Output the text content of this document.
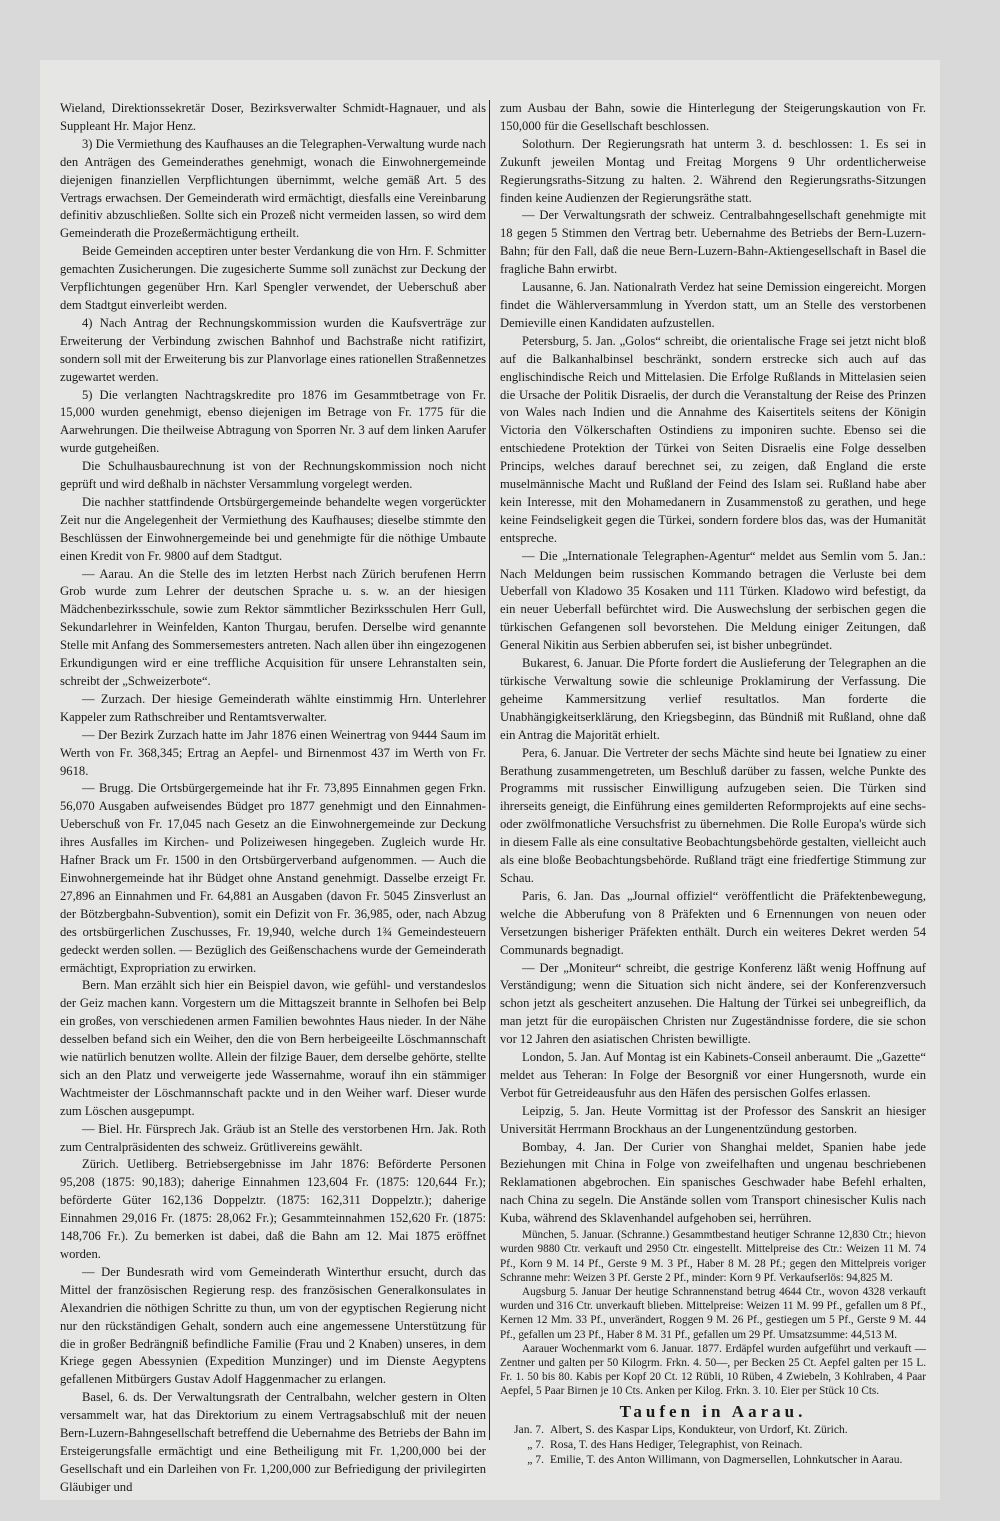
Wieland, Direktionssekretär Doser, Bezirksverwalter Schmidt-Hagnauer, und als Suppleant Hr. Major Henz.

3) Die Vermiethung des Kaufhauses an die Telegraphen-Verwaltung wurde nach den Anträgen des Gemeinderathes genehmigt, wonach die Einwohnergemeinde diejenigen finanziellen Verpflichtungen übernimmt, welche gemäß Art. 5 des Vertrags erwachsen. Der Gemeinderath wird ermächtigt, diesfalls eine Vereinbarung definitiv abzuschließen. Sollte sich ein Prozeß nicht vermeiden lassen, so wird dem Gemeinderath die Prozeßermächtigung ertheilt.

Beide Gemeinden acceptiren unter bester Verdankung die von Hrn. F. Schmitter gemachten Zusicherungen. Die zugesicherte Summe soll zunächst zur Deckung der Verpflichtungen gegenüber Hrn. Karl Spengler verwendet, der Ueberschuß aber dem Stadtgut einverleibt werden.

4) Nach Antrag der Rechnungskommission wurden die Kaufsverträge zur Erweiterung der Verbindung zwischen Bahnhof und Bachstraße nicht ratifizirt, sondern soll mit der Erweiterung bis zur Planvorlage eines rationellen Straßennetzes zugewartet werden.

5) Die verlangten Nachtragskredite pro 1876 im Gesammtbetrage von Fr. 15,000 wurden genehmigt, ebenso diejenigen im Betrage von Fr. 1775 für die Aarwehrungen. Die theilweise Abtragung von Sporren Nr. 3 auf dem linken Aarufer wurde gutgeheißen.

Die Schulhausbaurechnung ist von der Rechnungskommission noch nicht geprüft und wird deßhalb in nächster Versammlung vorgelegt werden.

Die nachher stattfindende Ortsbürgergemeinde behandelte wegen vorgerückter Zeit nur die Angelegenheit der Vermiethung des Kaufhauses; dieselbe stimmte den Beschlüssen der Einwohnergemeinde bei und genehmigte für die nöthige Umbaute einen Kredit von Fr. 9800 auf dem Stadtgut.

— Aarau. An die Stelle des im letzten Herbst nach Zürich berufenen Herrn Grob wurde zum Lehrer der deutschen Sprache u. s. w. an der hiesigen Mädchenbezirksschule, sowie zum Rektor sämmtlicher Bezirksschulen Herr Gull, Sekundarlehrer in Weinfelden, Kanton Thurgau, berufen. Derselbe wird genannte Stelle mit Anfang des Sommersemesters antreten. Nach allen über ihn eingezogenen Erkundigungen wird er eine treffliche Acquisition für unsere Lehranstalten sein, schreibt der „Schweizerbote“.

— Zurzach. Der hiesige Gemeinderath wählte einstimmig Hrn. Unterlehrer Kappeler zum Rathschreiber und Rentamtsverwalter.

— Der Bezirk Zurzach hatte im Jahr 1876 einen Weinertrag von 9444 Saum im Werth von Fr. 368,345; Ertrag an Aepfel- und Birnenmost 437 im Werth von Fr. 9618.

— Brugg. Die Ortsbürgergemeinde hat ihr Fr. 73,895 Einnahmen gegen Frkn. 56,070 Ausgaben aufweisendes Büdget pro 1877 genehmigt und den Einnahmen-Ueberschuß von Fr. 17,045 nach Gesetz an die Einwohnergemeinde zur Deckung ihres Ausfalles im Kirchen- und Polizeiwesen hingegeben. Zugleich wurde Hr. Hafner Brack um Fr. 1500 in den Ortsbürgerverband aufgenommen. — Auch die Einwohnergemeinde hat ihr Büdget ohne Anstand genehmigt. Dasselbe erzeigt Fr. 27,896 an Einnahmen und Fr. 64,881 an Ausgaben (davon Fr. 5045 Zinsverlust an der Bötzbergbahn-Subvention), somit ein Defizit von Fr. 36,985, oder, nach Abzug des ortsbürgerlichen Zuschusses, Fr. 19,940, welche durch 1¾ Gemeindesteuern gedeckt werden sollen. — Bezüglich des Geißenschachens wurde der Gemeinderath ermächtigt, Expropriation zu erwirken.

Bern. Man erzählt sich hier ein Beispiel davon, wie gefühl- und verstandeslos der Geiz machen kann. Vorgestern um die Mittagszeit brannte in Selhofen bei Belp ein großes, von verschiedenen armen Familien bewohntes Haus nieder. In der Nähe desselben befand sich ein Weiher, den die von Bern herbeigeeilte Löschmannschaft wie natürlich benutzen wollte. Allein der filzige Bauer, dem derselbe gehörte, stellte sich an den Platz und verweigerte jede Wassernahme, worauf ihn ein stämmiger Wachtmeister der Löschmannschaft packte und in den Weiher warf. Dieser wurde zum Löschen ausgepumpt.

— Biel. Hr. Fürsprech Jak. Gräub ist an Stelle des verstorbenen Hrn. Jak. Roth zum Centralpräsidenten des schweiz. Grütlivereins gewählt.

Zürich. Uetliberg. Betriebsergebnisse im Jahr 1876: Beförderte Personen 95,208 (1875: 90,183); daherige Einnahmen 123,604 Fr. (1875: 120,644 Fr.); beförderte Güter 162,136 Doppelztr. (1875: 162,311 Doppelztr.); daherige Einnahmen 29,016 Fr. (1875: 28,062 Fr.); Gesammteinnahmen 152,620 Fr. (1875: 148,706 Fr.). Zu bemerken ist dabei, daß die Bahn am 12. Mai 1875 eröffnet worden.

— Der Bundesrath wird vom Gemeinderath Winterthur ersucht, durch das Mittel der französischen Regierung resp. des französischen Generalkonsulates in Alexandrien die nöthigen Schritte zu thun, um von der egyptischen Regierung nicht nur den rückständigen Gehalt, sondern auch eine angemessene Unterstützung für die in großer Bedrängniß befindliche Familie (Frau und 2 Knaben) unseres, in dem Kriege gegen Abessynien (Expedition Munzinger) und im Dienste Aegyptens gefallenen Mitbürgers Gustav Adolf Haggenmacher zu erlangen.

Basel, 6. ds. Der Verwaltungsrath der Centralbahn, welcher gestern in Olten versammelt war, hat das Direktorium zu einem Vertragsabschluß mit der neuen Bern-Luzern-Bahngesellschaft betreffend die Uebernahme des Betriebs der Bahn im Ersteigerungsfalle ermächtigt und eine Betheiligung mit Fr. 1,200,000 bei der Gesellschaft und ein Darleihen von Fr. 1,200,000 zur Befriedigung der privilegirten Gläubiger und

zum Ausbau der Bahn, sowie die Hinterlegung der Steigerungskaution von Fr. 150,000 für die Gesellschaft beschlossen.

Solothurn. Der Regierungsrath hat unterm 3. d. beschlossen: 1. Es sei in Zukunft jeweilen Montag und Freitag Morgens 9 Uhr ordentlicherweise Regierungsraths-Sitzung zu halten. 2. Während den Regierungsraths-Sitzungen finden keine Audienzen der Regierungsräthe statt.

— Der Verwaltungsrath der schweiz. Centralbahngesellschaft genehmigte mit 18 gegen 5 Stimmen den Vertrag betr. Uebernahme des Betriebs der Bern-Luzern-Bahn; für den Fall, daß die neue Bern-Luzern-Bahn-Aktiengesellschaft in Basel die fragliche Bahn erwirbt.

Lausanne, 6. Jan. Nationalrath Verdez hat seine Demission eingereicht. Morgen findet die Wählerversammlung in Yverdon statt, um an Stelle des verstorbenen Demieville einen Kandidaten aufzustellen.

Petersburg, 5. Jan. „Golos“ schreibt, die orientalische Frage sei jetzt nicht bloß auf die Balkanhalbinsel beschränkt, sondern erstrecke sich auch auf das englischindische Reich und Mittelasien. Die Erfolge Rußlands in Mittelasien seien die Ursache der Politik Disraelis, der durch die Veranstaltung der Reise des Prinzen von Wales nach Indien und die Annahme des Kaisertitels seitens der Königin Victoria den Völkerschaften Ostindiens zu imponiren suchte. Ebenso sei die entschiedene Protektion der Türkei von Seiten Disraelis eine Folge desselben Princips, welches darauf berechnet sei, zu zeigen, daß England die erste muselmännische Macht und Rußland der Feind des Islam sei. Rußland habe aber kein Interesse, mit den Mohamedanern in Zusammenstoß zu gerathen, und hege keine Feindseligkeit gegen die Türkei, sondern fordere blos das, was der Humanität entspreche.

— Die „Internationale Telegraphen-Agentur“ meldet aus Semlin vom 5. Jan.: Nach Meldungen beim russischen Kommando betragen die Verluste bei dem Ueberfall von Kladowo 35 Kosaken und 111 Türken. Kladowo wird befestigt, da ein neuer Ueberfall befürchtet wird. Die Auswechslung der serbischen gegen die türkischen Gefangenen soll bevorstehen. Die Meldung einiger Zeitungen, daß General Nikitin aus Serbien abberufen sei, ist bisher unbegründet.

Bukarest, 6. Januar. Die Pforte fordert die Auslieferung der Telegraphen an die türkische Verwaltung sowie die schleunige Proklamirung der Verfassung. Die geheime Kammersitzung verlief resultatlos. Man forderte die Unabhängigkeitserklärung, den Kriegsbeginn, das Bündniß mit Rußland, ohne daß ein Antrag die Majorität erhielt.

Pera, 6. Januar. Die Vertreter der sechs Mächte sind heute bei Ignatiew zu einer Berathung zusammengetreten, um Beschluß darüber zu fassen, welche Punkte des Programms mit russischer Einwilligung aufzugeben seien. Die Türken sind ihrerseits geneigt, die Einführung eines gemilderten Reformprojekts auf eine sechs- oder zwölfmonatliche Versuchsfrist zu übernehmen. Die Rolle Europa's würde sich in diesem Falle als eine consultative Beobachtungsbehörde gestalten, vielleicht auch als eine bloße Beobachtungsbehörde. Rußland trägt eine friedfertige Stimmung zur Schau.

Paris, 6. Jan. Das „Journal offiziel“ veröffentlicht die Präfektenbewegung, welche die Abberufung von 8 Präfekten und 6 Ernennungen von neuen oder Versetzungen bisheriger Präfekten enthält. Durch ein weiteres Dekret werden 54 Communards begnadigt.

— Der „Moniteur“ schreibt, die gestrige Konferenz läßt wenig Hoffnung auf Verständigung; wenn die Situation sich nicht ändere, sei der Konferenzversuch schon jetzt als gescheitert anzusehen. Die Haltung der Türkei sei unbegreiflich, da man jetzt für die europäischen Christen nur Zugeständnisse fordere, die sie schon vor 12 Jahren den asiatischen Christen bewilligte.

London, 5. Jan. Auf Montag ist ein Kabinets-Conseil anberaumt. Die „Gazette“ meldet aus Teheran: In Folge der Besorgniß vor einer Hungersnoth, wurde ein Verbot für Getreideausfuhr aus den Häfen des persischen Golfes erlassen.

Leipzig, 5. Jan. Heute Vormittag ist der Professor des Sanskrit an hiesiger Universität Herrmann Brockhaus an der Lungenentzündung gestorben.

Bombay, 4. Jan. Der Curier von Shanghai meldet, Spanien habe jede Beziehungen mit China in Folge von zweifelhaften und ungenau beschriebenen Reklamationen abgebrochen. Ein spanisches Geschwader habe Befehl erhalten, nach China zu segeln. Die Anstände sollen vom Transport chinesischer Kulis nach Kuba, während des Sklavenhandel aufgehoben sei, herrühren.

München, 5. Januar. (Schranne.) Gesammtbestand heutiger Schranne 12,830 Ctr.; hievon wurden 9880 Ctr. verkauft und 2950 Ctr. eingestellt. Mittelpreise des Ctr.: Weizen 11 M. 74 Pf., Korn 9 M. 14 Pf., Gerste 9 M. 3 Pf., Haber 8 M. 28 Pf.; gegen den Mittelpreis voriger Schranne mehr: Weizen 3 Pf. Gerste 2 Pf., minder: Korn 9 Pf. Verkaufserlös: 94,825 M.

Augsburg 5. Januar Der heutige Schrannenstand betrug 4644 Ctr., wovon 4328 verkauft wurden und 316 Ctr. unverkauft blieben. Mittelpreise: Weizen 11 M. 99 Pf., gefallen um 8 Pf., Kernen 12 Mm. 33 Pf., unverändert, Roggen 9 M. 26 Pf., gestiegen um 5 Pf., Gerste 9 M. 44 Pf., gefallen um 23 Pf., Haber 8 M. 31 Pf., gefallen um 29 Pf. Umsatzsumme: 44,513 M.

Aarauer Wochenmarkt vom 6. Januar. 1877. Erdäpfel wurden aufgeführt und verkauft — Zentner und galten per 50 Kilogrm. Frkn. 4. 50—, per Becken 25 Ct. Aepfel galten per 15 L. Fr. 1. 50 bis 80. Kabis per Kopf 20 Ct. 12 Rübli, 10 Rüben, 4 Zwiebeln, 3 Kohlraben, 4 Paar Aepfel, 5 Paar Birnen je 10 Cts. Anken per Kilog. Frkn. 3. 10. Eier per Stück 10 Cts.

Taufen in Aarau.
Jan. 7. Albert, S. des Kaspar Lips, Kondukteur, von Urdorf, Kt. Zürich.
„ 7. Rosa, T. des Hans Hediger, Telegraphist, von Reinach.
„ 7. Emilie, T. des Anton Willimann, von Dagmersellen, Lohnkutscher in Aarau.
